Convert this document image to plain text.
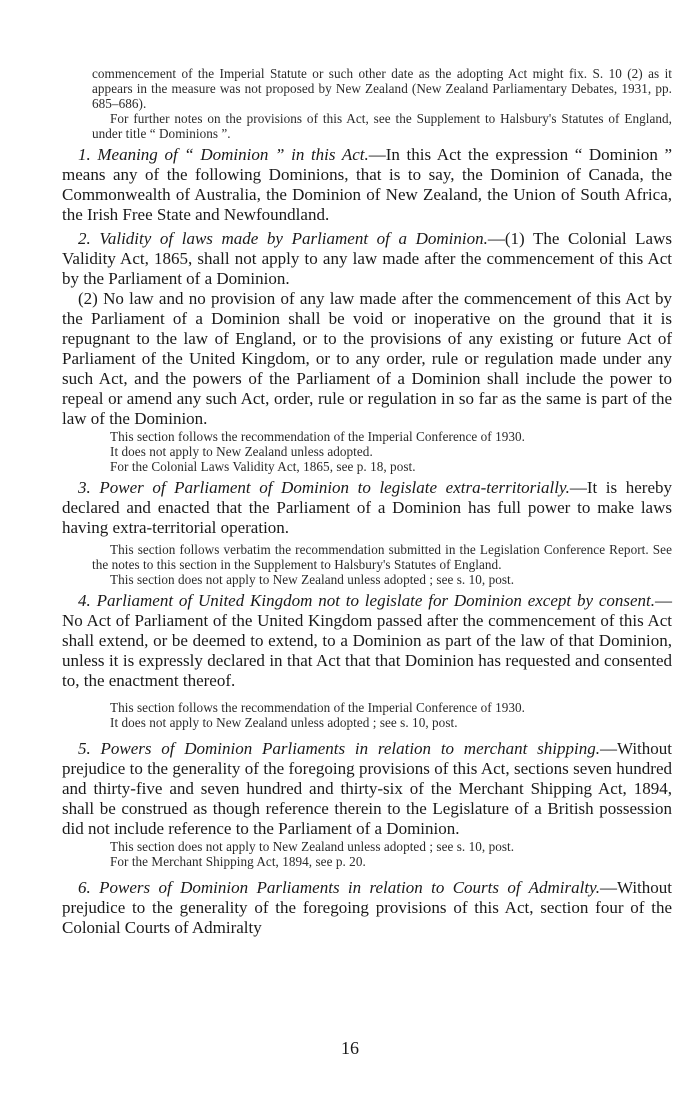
commencement of the Imperial Statute or such other date as the adopting Act might fix. S. 10 (2) as it appears in the measure was not proposed by New Zealand (New Zealand Parliamentary Debates, 1931, pp. 685–686).

For further notes on the provisions of this Act, see the Supplement to Halsbury's Statutes of England, under title “ Dominions ”.

1. Meaning of “ Dominion ” in this Act.—In this Act the expression “ Dominion ” means any of the following Dominions, that is to say, the Dominion of Canada, the Commonwealth of Australia, the Dominion of New Zealand, the Union of South Africa, the Irish Free State and Newfoundland.

2. Validity of laws made by Parliament of a Dominion.—(1) The Colonial Laws Validity Act, 1865, shall not apply to any law made after the commencement of this Act by the Parliament of a Dominion.

(2) No law and no provision of any law made after the commencement of this Act by the Parliament of a Dominion shall be void or inoperative on the ground that it is repugnant to the law of England, or to the provisions of any existing or future Act of Parliament of the United Kingdom, or to any order, rule or regulation made under any such Act, and the powers of the Parliament of a Dominion shall include the power to repeal or amend any such Act, order, rule or regulation in so far as the same is part of the law of the Dominion.

This section follows the recommendation of the Imperial Conference of 1930.

It does not apply to New Zealand unless adopted.

For the Colonial Laws Validity Act, 1865, see p. 18, post.

3. Power of Parliament of Dominion to legislate extra-territorially.—It is hereby declared and enacted that the Parliament of a Dominion has full power to make laws having extra-territorial operation.

This section follows verbatim the recommendation submitted in the Legislation Conference Report. See the notes to this section in the Supplement to Halsbury's Statutes of England.

This section does not apply to New Zealand unless adopted ; see s. 10, post.

4. Parliament of United Kingdom not to legislate for Dominion except by consent.—No Act of Parliament of the United Kingdom passed after the commencement of this Act shall extend, or be deemed to extend, to a Dominion as part of the law of that Dominion, unless it is expressly declared in that Act that that Dominion has requested and consented to, the enactment thereof.

This section follows the recommendation of the Imperial Conference of 1930.

It does not apply to New Zealand unless adopted ; see s. 10, post.

5. Powers of Dominion Parliaments in relation to merchant shipping.—Without prejudice to the generality of the foregoing provisions of this Act, sections seven hundred and thirty-five and seven hundred and thirty-six of the Merchant Shipping Act, 1894, shall be construed as though reference therein to the Legislature of a British possession did not include reference to the Parliament of a Dominion.

This section does not apply to New Zealand unless adopted ; see s. 10, post.

For the Merchant Shipping Act, 1894, see p. 20.

6. Powers of Dominion Parliaments in relation to Courts of Admiralty.—Without prejudice to the generality of the foregoing provisions of this Act, section four of the Colonial Courts of Admiralty

16
